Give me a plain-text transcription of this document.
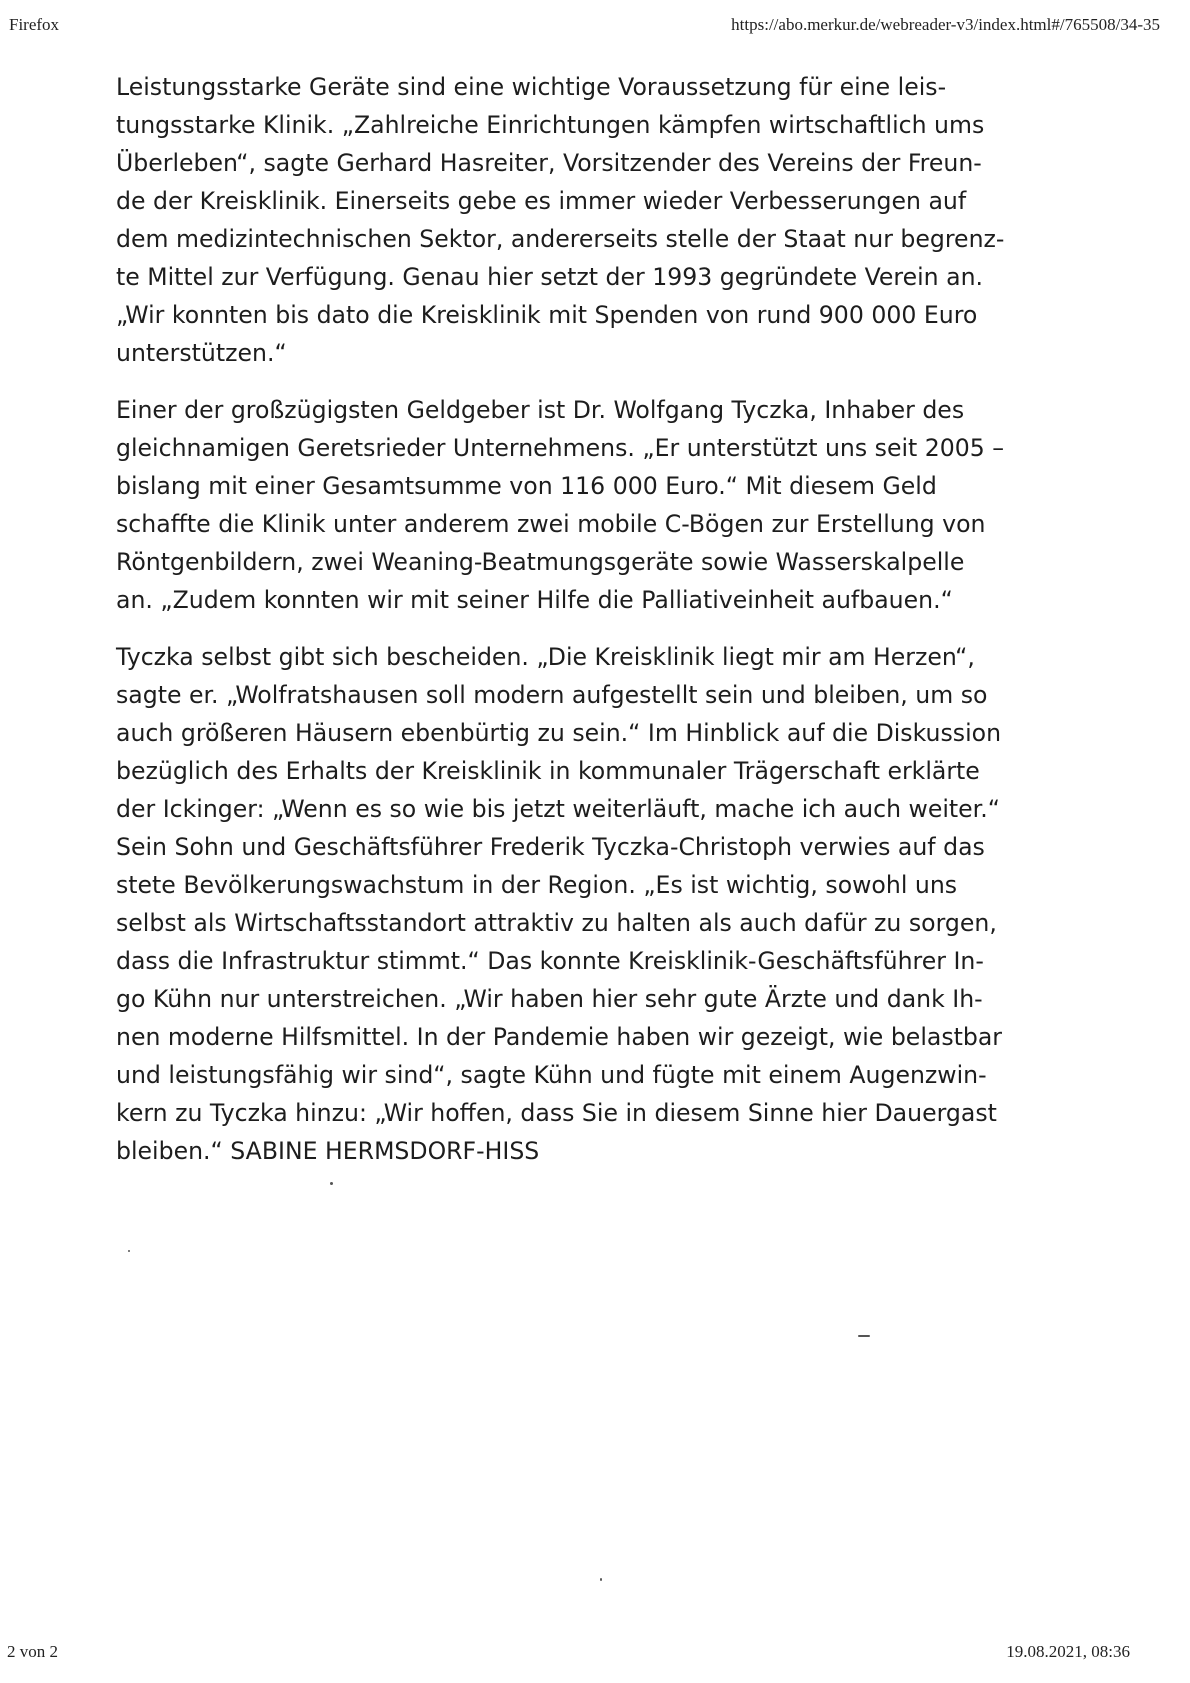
Firefox	https://abo.merkur.de/webreader-v3/index.html#/765508/34-35

Leistungsstarke Geräte sind eine wichtige Voraussetzung für eine leis-
tungsstarke Klinik. „Zahlreiche Einrichtungen kämpfen wirtschaftlich ums
Überleben“, sagte Gerhard Hasreiter, Vorsitzender des Vereins der Freun-
de der Kreisklinik. Einerseits gebe es immer wieder Verbesserungen auf
dem medizintechnischen Sektor, andererseits stelle der Staat nur begrenz-
te Mittel zur Verfügung. Genau hier setzt der 1993 gegründete Verein an.
„Wir konnten bis dato die Kreisklinik mit Spenden von rund 900 000 Euro
unterstützen.“

Einer der großzügigsten Geldgeber ist Dr. Wolfgang Tyczka, Inhaber des
gleichnamigen Geretsrieder Unternehmens. „Er unterstützt uns seit 2005 –
bislang mit einer Gesamtsumme von 116 000 Euro.“ Mit diesem Geld
schaffte die Klinik unter anderem zwei mobile C-Bögen zur Erstellung von
Röntgenbildern, zwei Weaning-Beatmungsgeräte sowie Wasserskalpelle
an. „Zudem konnten wir mit seiner Hilfe die Palliativeinheit aufbauen.“

Tyczka selbst gibt sich bescheiden. „Die Kreisklinik liegt mir am Herzen“,
sagte er. „Wolfratshausen soll modern aufgestellt sein und bleiben, um so
auch größeren Häusern ebenbürtig zu sein.“ Im Hinblick auf die Diskussion
bezüglich des Erhalts der Kreisklinik in kommunaler Trägerschaft erklärte
der Ickinger: „Wenn es so wie bis jetzt weiterläuft, mache ich auch weiter.“
Sein Sohn und Geschäftsführer Frederik Tyczka-Christoph verwies auf das
stete Bevölkerungswachstum in der Region. „Es ist wichtig, sowohl uns
selbst als Wirtschaftsstandort attraktiv zu halten als auch dafür zu sorgen,
dass die Infrastruktur stimmt.“ Das konnte Kreisklinik-Geschäftsführer In-
go Kühn nur unterstreichen. „Wir haben hier sehr gute Ärzte und dank Ih-
nen moderne Hilfsmittel. In der Pandemie haben wir gezeigt, wie belastbar
und leistungsfähig wir sind“, sagte Kühn und fügte mit einem Augenzwin-
kern zu Tyczka hinzu: „Wir hoffen, dass Sie in diesem Sinne hier Dauergast
bleiben.“ SABINE HERMSDORF-HISS

2 von 2	19.08.2021, 08:36
